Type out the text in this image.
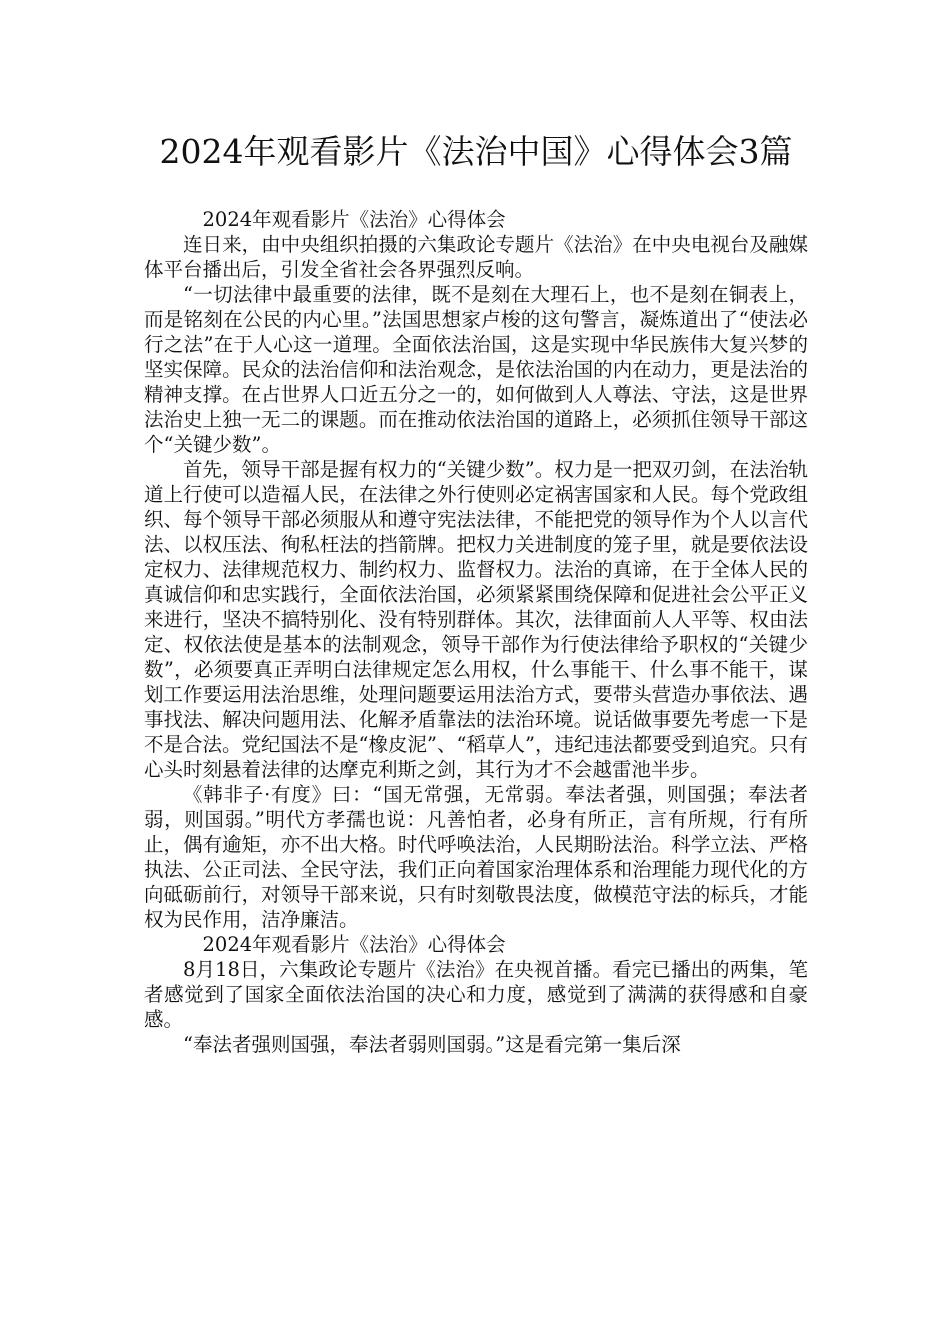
2024年观看影片《法治中国》心得体会3篇

2024年观看影片《法治》心得体会

连日来，由中央组织拍摄的六集政论专题片《法治》在中央电视台及融媒体平台播出后，引发全省社会各界强烈反响。

“一切法律中最重要的法律，既不是刻在大理石上，也不是刻在铜表上，而是铭刻在公民的内心里。”法国思想家卢梭的这句警言，凝炼道出了“使法必行之法”在于人心这一道理。全面依法治国，这是实现中华民族伟大复兴梦的坚实保障。民众的法治信仰和法治观念，是依法治国的内在动力，更是法治的精神支撑。在占世界人口近五分之一的，如何做到人人尊法、守法，这是世界法治史上独一无二的课题。而在推动依法治国的道路上，必须抓住领导干部这个“关键少数”。

首先，领导干部是握有权力的“关键少数”。权力是一把双刃剑，在法治轨道上行使可以造福人民，在法律之外行使则必定祸害国家和人民。每个党政组织、每个领导干部必须服从和遵守宪法法律，不能把党的领导作为个人以言代法、以权压法、徇私枉法的挡箭牌。把权力关进制度的笼子里，就是要依法设定权力、法律规范权力、制约权力、监督权力。法治的真谛，在于全体人民的真诚信仰和忠实践行，全面依法治国，必须紧紧围绕保障和促进社会公平正义来进行，坚决不搞特别化、没有特别群体。其次，法律面前人人平等、权由法定、权依法使是基本的法制观念，领导干部作为行使法律给予职权的“关键少数”，必须要真正弄明白法律规定怎么用权，什么事能干、什么事不能干，谋划工作要运用法治思维，处理问题要运用法治方式，要带头营造办事依法、遇事找法、解决问题用法、化解矛盾靠法的法治环境。说话做事要先考虑一下是不是合法。党纪国法不是“橡皮泥”、“稻草人”，违纪违法都要受到追究。只有心头时刻悬着法律的达摩克利斯之剑，其行为才不会越雷池半步。

《韩非子·有度》曰：“国无常强，无常弱。奉法者强，则国强；奉法者弱，则国弱。”明代方孝孺也说：凡善怕者，必身有所正，言有所规，行有所止，偶有逾矩，亦不出大格。时代呼唤法治，人民期盼法治。科学立法、严格执法、公正司法、全民守法，我们正向着国家治理体系和治理能力现代化的方向砥砺前行，对领导干部来说，只有时刻敬畏法度，做模范守法的标兵，才能权为民作用，洁净廉洁。

2024年观看影片《法治》心得体会

8月18日，六集政论专题片《法治》在央视首播。看完已播出的两集，笔者感觉到了国家全面依法治国的决心和力度，感觉到了满满的获得感和自豪感。

“奉法者强则国强，奉法者弱则国弱。”这是看完第一集后深
